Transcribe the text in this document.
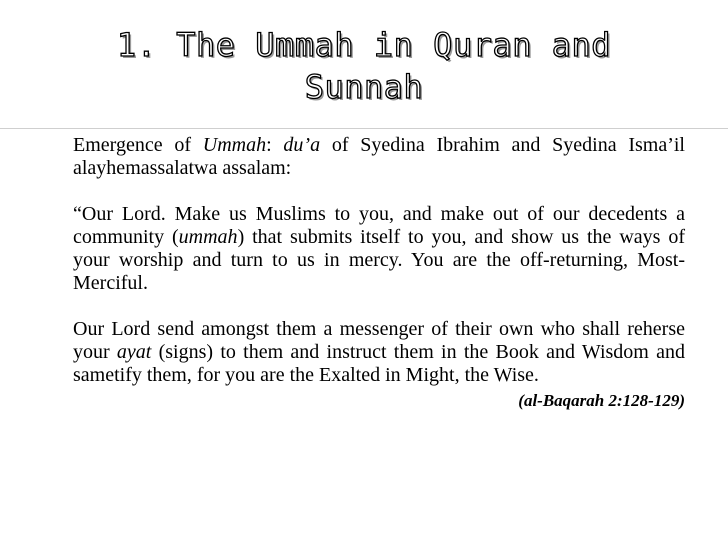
1. The Ummah in Quran and
Sunnah

Emergence of Ummah: du’a of Syedina Ibrahim and Syedina Isma’il alayhemassalatwa assalam:

“Our Lord. Make us Muslims to you, and make out of our decedents a community (ummah) that submits itself to you, and show us the ways of your worship and turn to us in mercy. You are the off-returning, Most-Merciful.

Our Lord send amongst them a messenger of their own who shall reherse your ayat (signs) to them and instruct them in the Book and Wisdom and sametify them, for you are the Exalted in Might, the Wise.

(al-Baqarah 2:128-129)
